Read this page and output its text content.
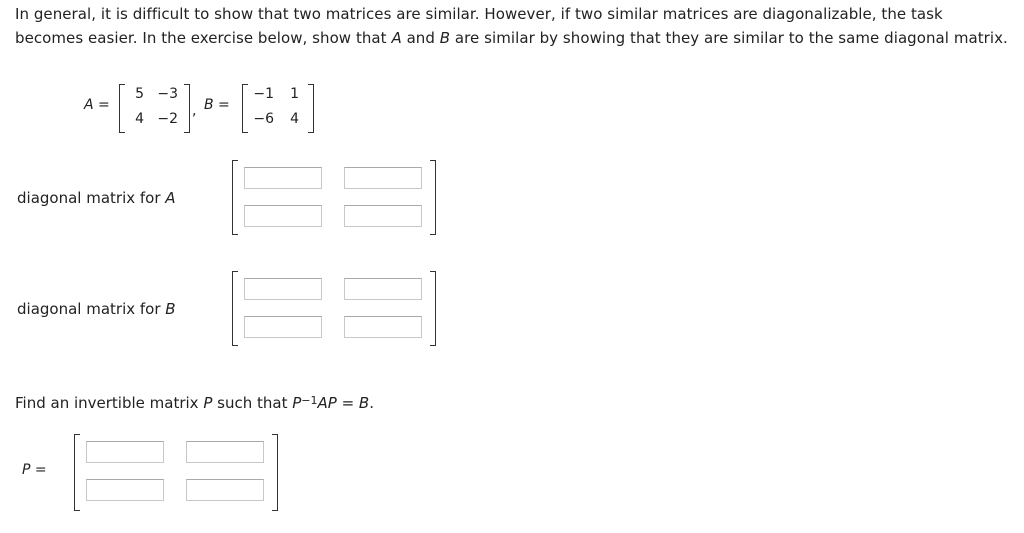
In general, it is difficult to show that two matrices are similar. However, if two similar matrices are diagonalizable, the task becomes easier. In the exercise below, show that A and B are similar by showing that they are similar to the same diagonal matrix.
A =
5 −3
4 −2 , B =
−1	1
−6	4
diagonal matrix for A
diagonal matrix for B
Find an invertible matrix P such that $P^{-1}AP = B$.
P =
